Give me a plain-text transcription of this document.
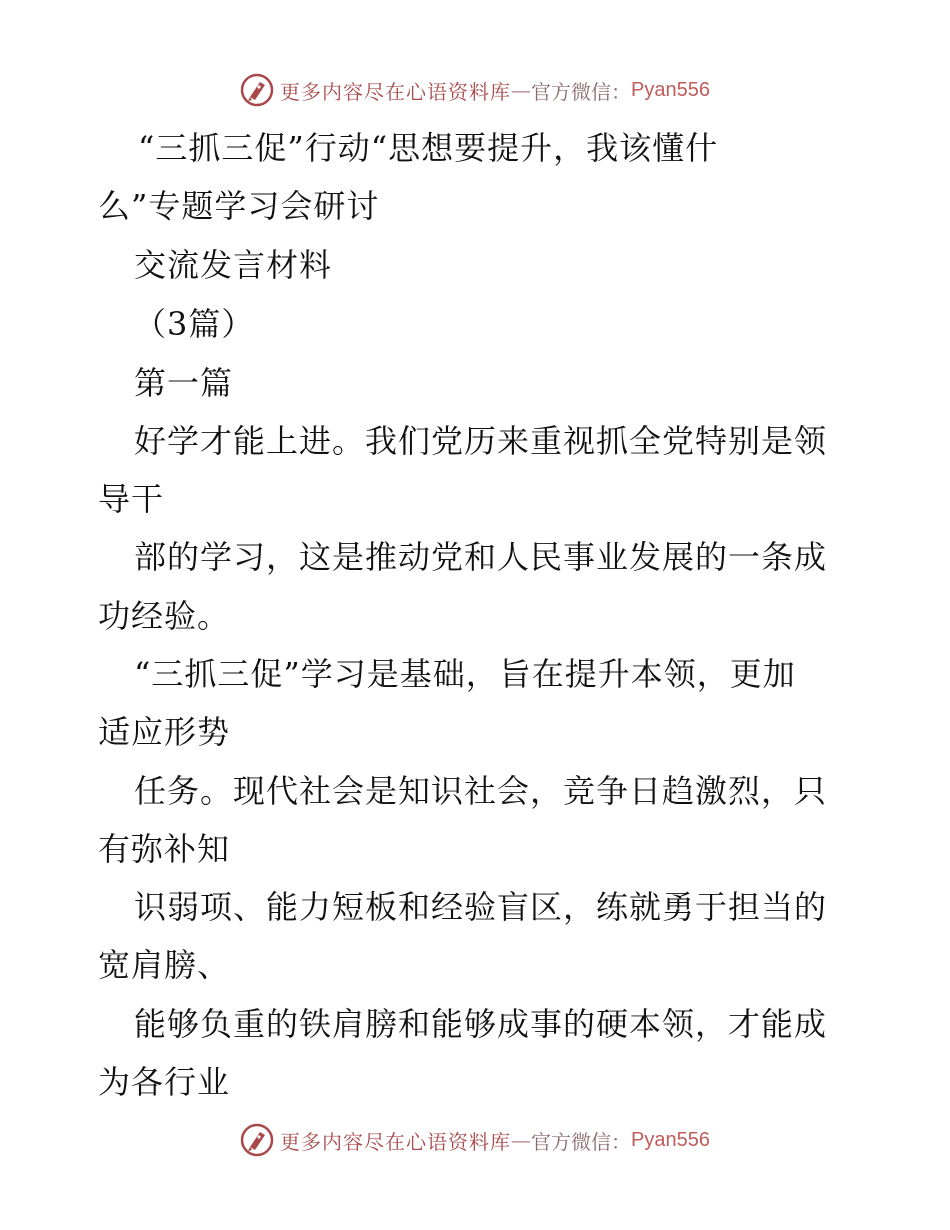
更多内容尽在心语资料库 — 官方微信： Pyan556
“三抓三促”行动“思想要提升，我该懂什
么”专题学习会研讨
交流发言材料
（3篇）
第一篇
好学才能上进。我们党历来重视抓全党特别是领
导干
部的学习，这是推动党和人民事业发展的一条成
功经验。
“三抓三促”学习是基础，旨在提升本领，更加
适应形势
任务。现代社会是知识社会，竞争日趋激烈，只
有弥补知
识弱项、能力短板和经验盲区，练就勇于担当的
宽肩膀、
能够负重的铁肩膀和能够成事的硬本领，才能成
为各行业
更多内容尽在心语资料库 — 官方微信： Pyan556
